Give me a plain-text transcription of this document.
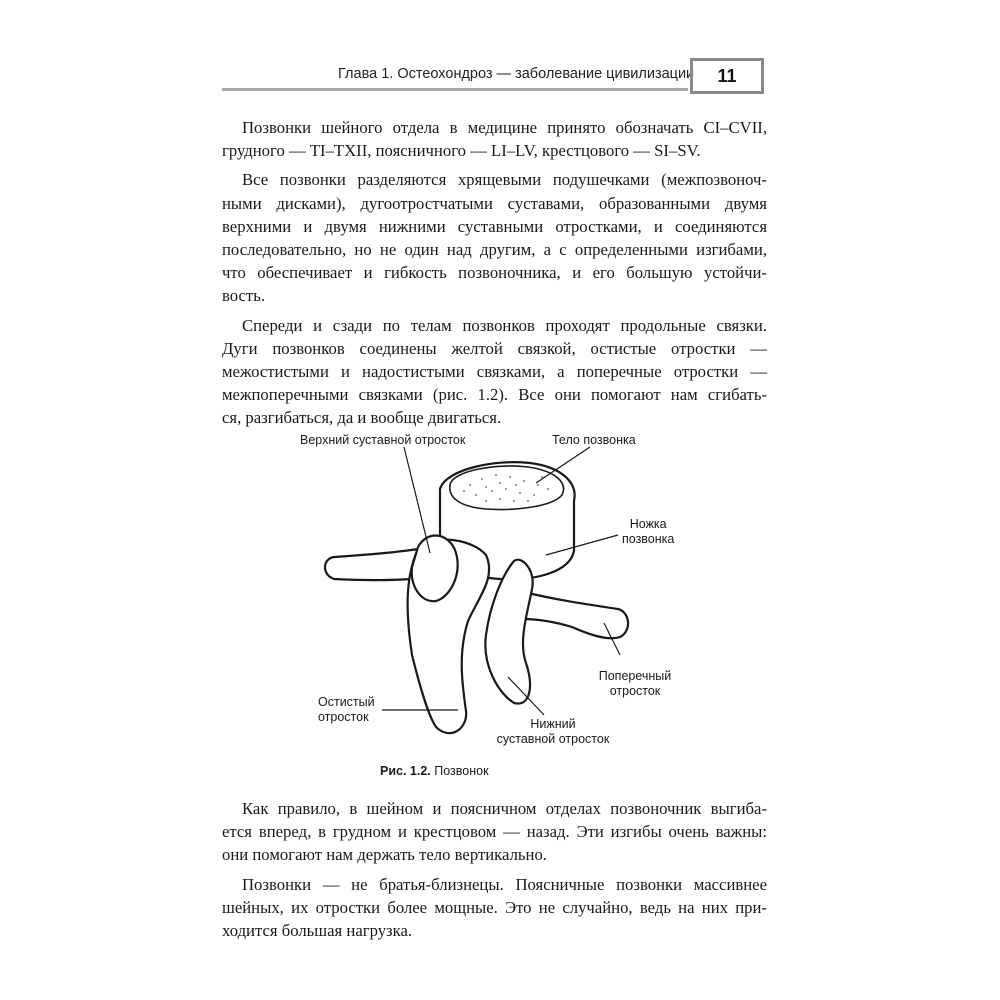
Глава 1. Остеохондроз — заболевание цивилизации 11
Позвонки шейного отдела в медицине принято обозначать CI–CVII,
грудного — TI–TXII, поясничного — LI–LV, крестцового — SI–SV.
Все позвонки разделяются хрящевыми подушечками (межпозвоноч-
ными дисками), дугоотростчатыми суставами, образованными двумя
верхними и двумя нижними суставными отростками, и соединяются
последовательно, но не один над другим, а с определенными изгибами,
что обеспечивает и гибкость позвоночника, и его большую устойчи-
вость.
Спереди и сзади по телам позвонков проходят продольные связки.
Дуги позвонков соединены желтой связкой, остистые отростки —
межостистыми и надостистыми связками, а поперечные отростки —
межпоперечными связками (рис. 1.2). Все они помогают нам сгибать-
ся, разгибаться, да и вообще двигаться.
Верхний суставной отросток	Тело позвонка
Ножка
позвонка
Поперечный
отросток
Остистый
отросток	Нижний
суставной отросток
Рис. 1.2. Позвонок
Как правило, в шейном и поясничном отделах позвоночник выгиба-
ется вперед, в грудном и крестцовом — назад. Эти изгибы очень важны:
они помогают нам держать тело вертикально.
Позвонки — не братья-близнецы. Поясничные позвонки массивнее
шейных, их отростки более мощные. Это не случайно, ведь на них при-
ходится большая нагрузка.
